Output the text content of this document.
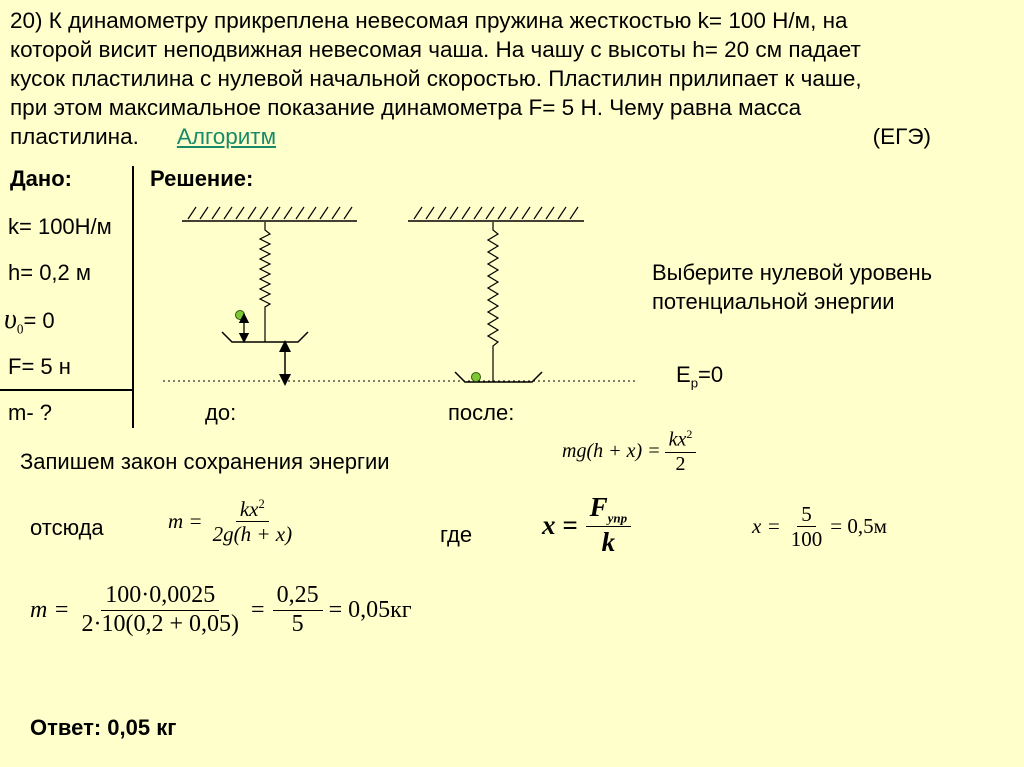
20) К динамометру прикреплена невесомая пружина жесткостью k= 100 Н/м, на
которой висит неподвижная невесомая чаша. На чашу с высоты h= 20 см падает
кусок пластилина с нулевой начальной скоростью. Пластилин прилипает к чаше,
при этом максимальное показание динамометра F= 5 Н. Чему равна масса
пластилина. Алгоритм	(ЕГЭ)
Дано:
k= 100Н/м
h= 0,2 м
$\upsilon_0= 0$
F= 5 н
m- ?
Решение:
до:	после:
Выберите нулевой уровень
потенциальной энергии
$E_p=0$
Запишем закон сохранения энергии
отсюда	где
$mg(h + x) = \frac{kx^2}{2}$
$m = \frac{kx^2}{2g(h + x)}$	$x = \frac{F_{упр}}{k}$	$x = \frac{5}{100} = 0,5м$
$m = \frac{100\cdot 0,0025}{2\cdot 10(0,2 + 0,05)} = \frac{0,25}{5} = 0,05кг$
Ответ: 0,05 кг
